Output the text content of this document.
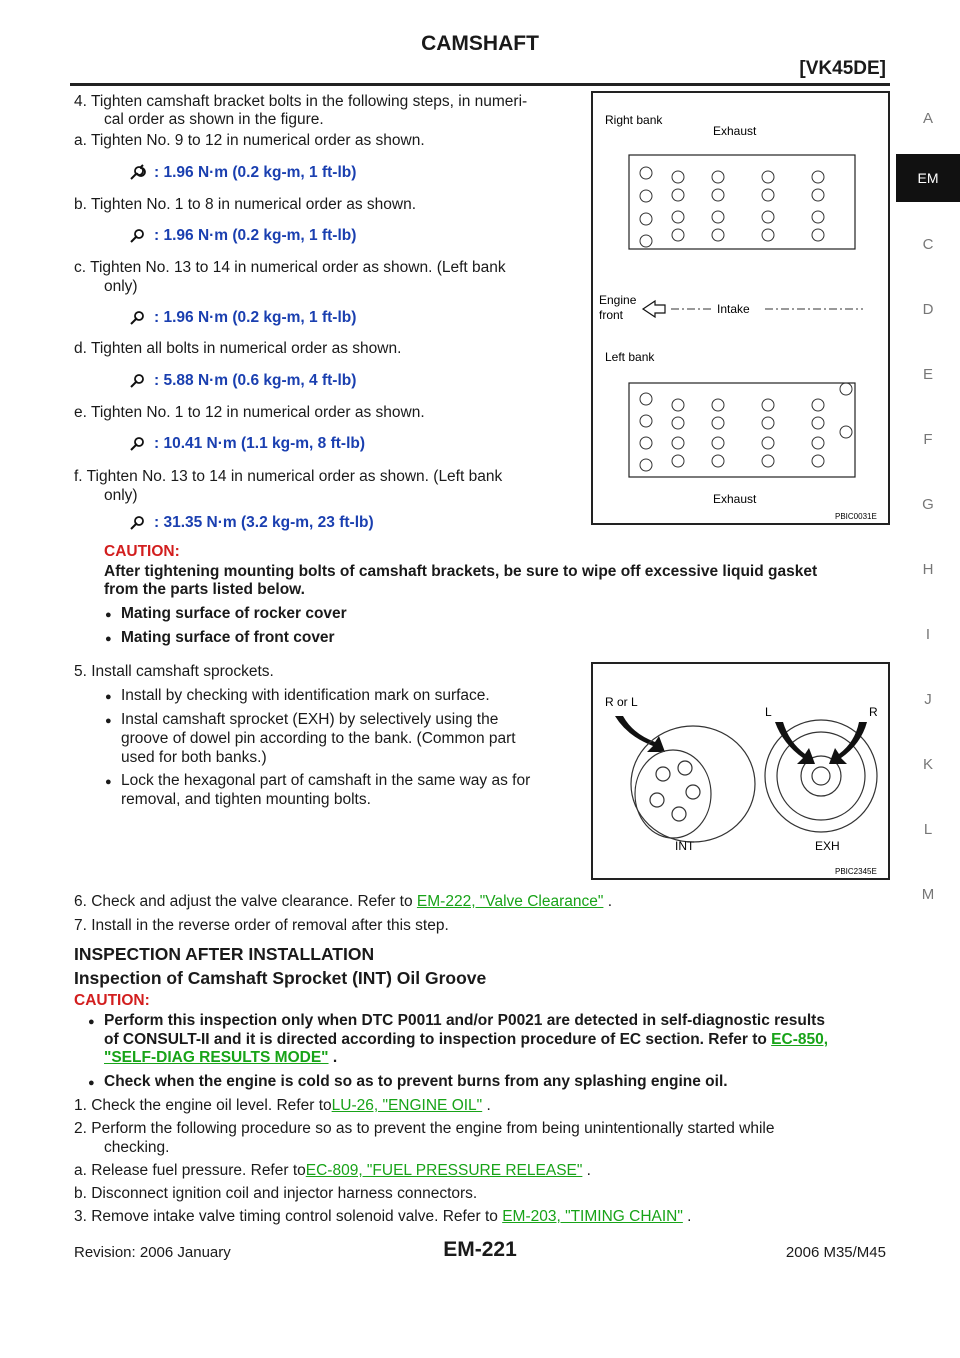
CAMSHAFT
[VK45DE]
A
EM
C
D
E
F
G
H
I
J
K
L
M
4. Tighten camshaft bracket bolts in the following steps, in numeri-
cal order as shown in the figure.
a. Tighten No. 9 to 12 in numerical order as shown.
: 1.96 N·m (0.2 kg-m, 1 ft-lb)
b. Tighten No. 1 to 8 in numerical order as shown.
: 1.96 N·m (0.2 kg-m, 1 ft-lb)
c. Tighten No. 13 to 14 in numerical order as shown. (Left bank
only)
: 1.96 N·m (0.2 kg-m, 1 ft-lb)
d. Tighten all bolts in numerical order as shown.
: 5.88 N·m (0.6 kg-m, 4 ft-lb)
e. Tighten No. 1 to 12 in numerical order as shown.
: 10.41 N·m (1.1 kg-m, 8 ft-lb)
f. Tighten No. 13 to 14 in numerical order as shown. (Left bank
only)
: 31.35 N·m (3.2 kg-m, 23 ft-lb)
Right bank
Exhaust
Engine
front	Intake
Left bank
Exhaust
PBIC0031E
CAUTION:
After tightening mounting bolts of camshaft brackets, be sure to wipe off excessive liquid gasket
from the parts listed below.
● Mating surface of rocker cover
● Mating surface of front cover
5. Install camshaft sprockets.
● Install by checking with identification mark on surface.
● Instal camshaft sprocket (EXH) by selectively using the
groove of dowel pin according to the bank. (Common part
used for both banks.)
● Lock the hexagonal part of camshaft in the same way as for
removal, and tighten mounting bolts.
R or L
INT
L	R
EXH
PBIC2345E
6. Check and adjust the valve clearance. Refer to EM-222, "Valve Clearance" .
7. Install in the reverse order of removal after this step.
INSPECTION AFTER INSTALLATION
Inspection of Camshaft Sprocket (INT) Oil Groove
CAUTION:
● Perform this inspection only when DTC P0011 and/or P0021 are detected in self-diagnostic results
of CONSULT-II and it is directed according to inspection procedure of EC section. Refer to EC-850,
"SELF-DIAG RESULTS MODE" .
● Check when the engine is cold so as to prevent burns from any splashing engine oil.
1. Check the engine oil level. Refer toLU-26, "ENGINE OIL" .
2. Perform the following procedure so as to prevent the engine from being unintentionally started while
checking.
a. Release fuel pressure. Refer toEC-809, "FUEL PRESSURE RELEASE" .
b. Disconnect ignition coil and injector harness connectors.
3. Remove intake valve timing control solenoid valve. Refer to EM-203, "TIMING CHAIN" .
Revision: 2006 January	EM-221	2006 M35/M45
